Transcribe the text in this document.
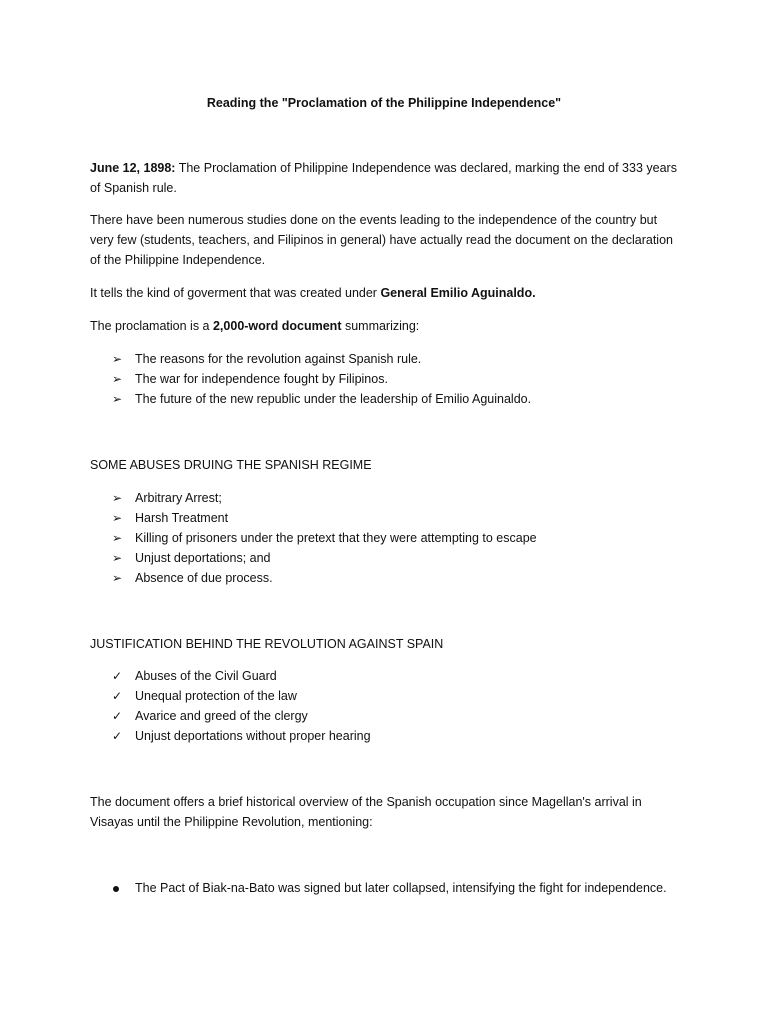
Reading the "Proclamation of the Philippine Independence"

June 12, 1898: The Proclamation of Philippine Independence was declared, marking the end of 333 years of Spanish rule.

There have been numerous studies done on the events leading to the independence of the country but very few (students, teachers, and Filipinos in general) have actually read the document on the declaration of the Philippine Independence.

It tells the kind of goverment that was created under General Emilio Aguinaldo.

The proclamation is a 2,000-word document summarizing:

➢	The reasons for the revolution against Spanish rule.
➢	The war for independence fought by Filipinos.
➢	The future of the new republic under the leadership of Emilio Aguinaldo.

SOME ABUSES DRUING THE SPANISH REGIME

➢	Arbitrary Arrest;
➢	Harsh Treatment
➢	Killing of prisoners under the pretext that they were attempting to escape
➢	Unjust deportations; and
➢	Absence of due process.

JUSTIFICATION BEHIND THE REVOLUTION AGAINST SPAIN

✓	Abuses of the Civil Guard
✓	Unequal protection of the law
✓	Avarice and greed of the clergy
✓	Unjust deportations without proper hearing

The document offers a brief historical overview of the Spanish occupation since Magellan's arrival in Visayas until the Philippine Revolution, mentioning:

The Pact of Biak-na-Bato was signed but later collapsed, intensifying the fight for independence.
